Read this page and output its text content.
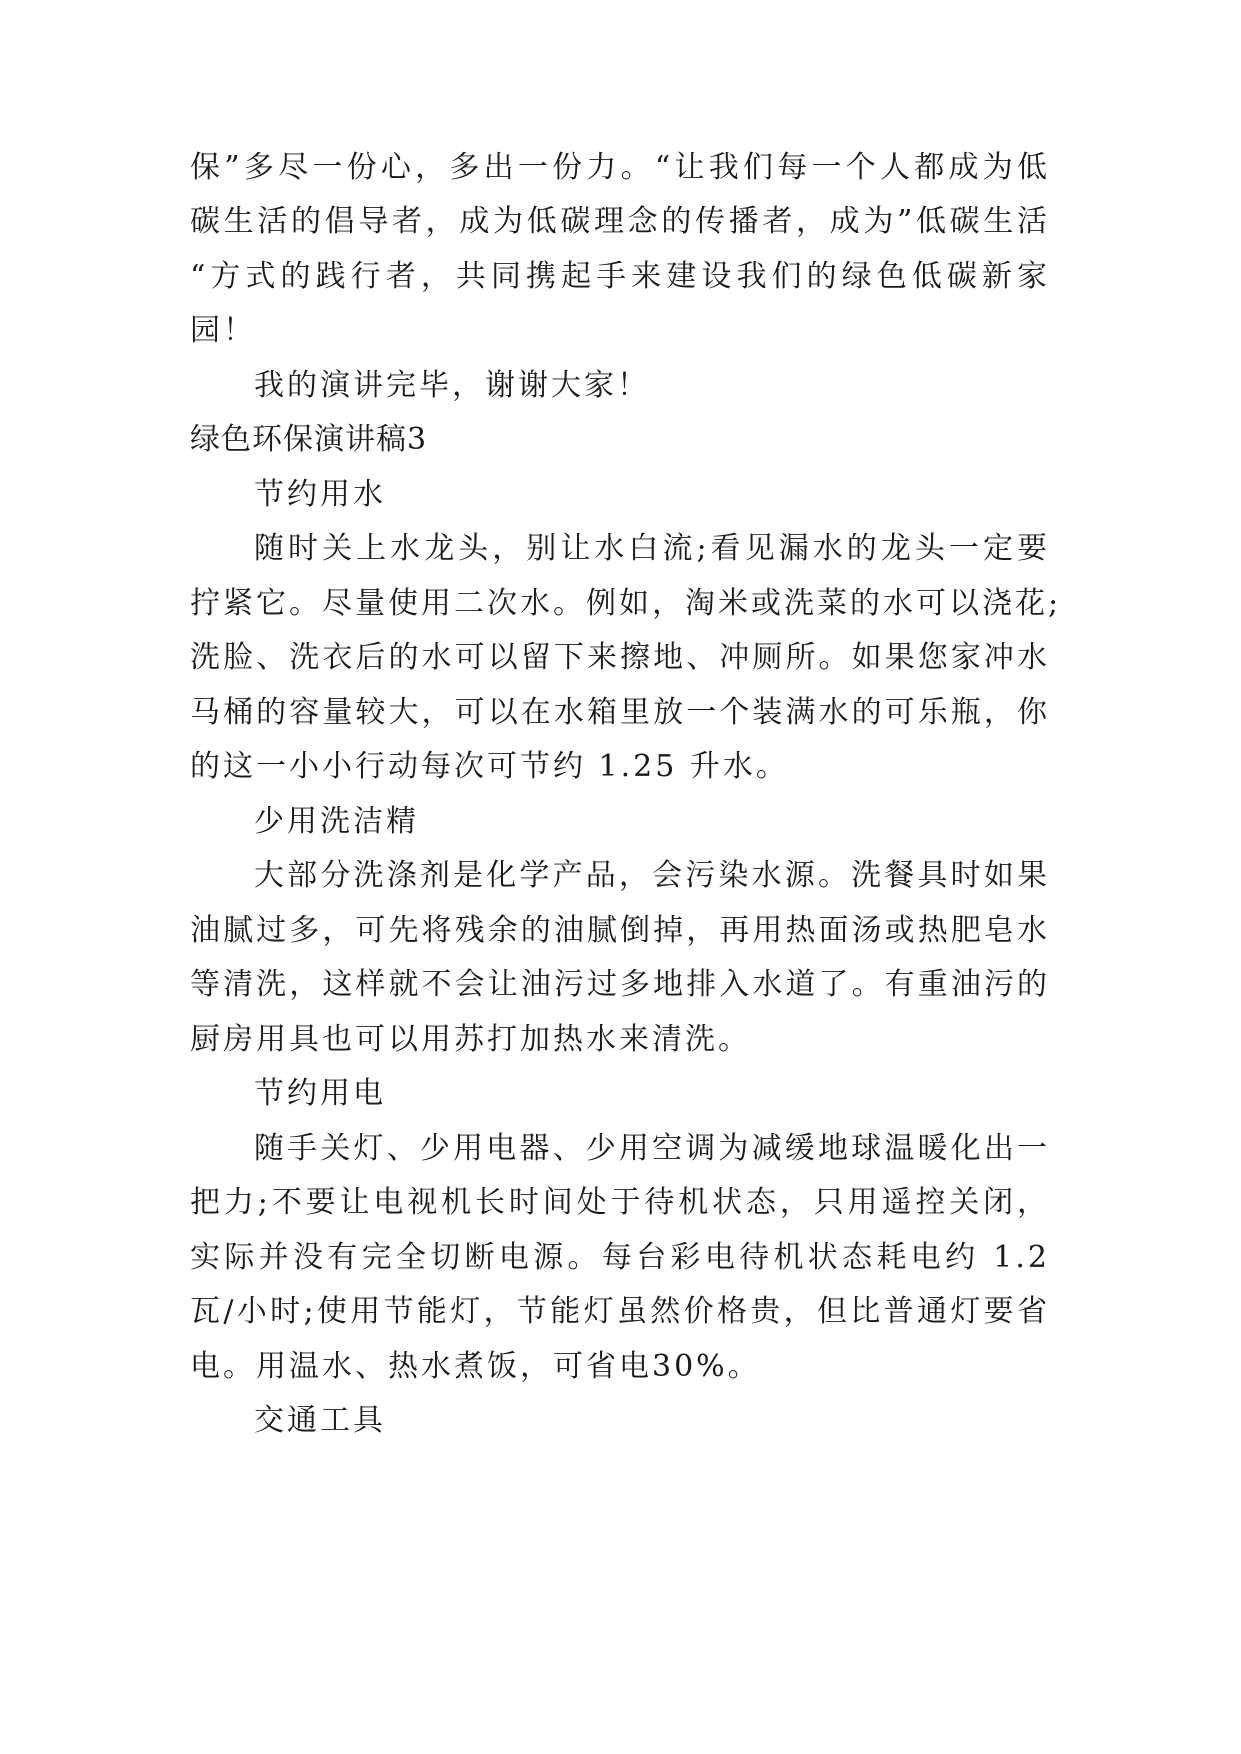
保”多尽一份心，多出一份力。“让我们每一个人都成为低
碳生活的倡导者，成为低碳理念的传播者，成为”低碳生活
“方式的践行者，共同携起手来建设我们的绿色低碳新家
园！
我的演讲完毕，谢谢大家！
绿色环保演讲稿3
节约用水
随时关上水龙头，别让水白流;看见漏水的龙头一定要
拧紧它。尽量使用二次水。例如，淘米或洗菜的水可以浇花;
洗脸、洗衣后的水可以留下来擦地、冲厕所。如果您家冲水
马桶的容量较大，可以在水箱里放一个装满水的可乐瓶，你
的这一小小行动每次可节约 1.25 升水。
少用洗洁精
大部分洗涤剂是化学产品，会污染水源。洗餐具时如果
油腻过多，可先将残余的油腻倒掉，再用热面汤或热肥皂水
等清洗，这样就不会让油污过多地排入水道了。有重油污的
厨房用具也可以用苏打加热水来清洗。
节约用电
随手关灯、少用电器、少用空调为减缓地球温暖化出一
把力;不要让电视机长时间处于待机状态，只用遥控关闭，
实际并没有完全切断电源。每台彩电待机状态耗电约 1.2
瓦/小时;使用节能灯，节能灯虽然价格贵，但比普通灯要省
电。用温水、热水煮饭，可省电30%。
交通工具
